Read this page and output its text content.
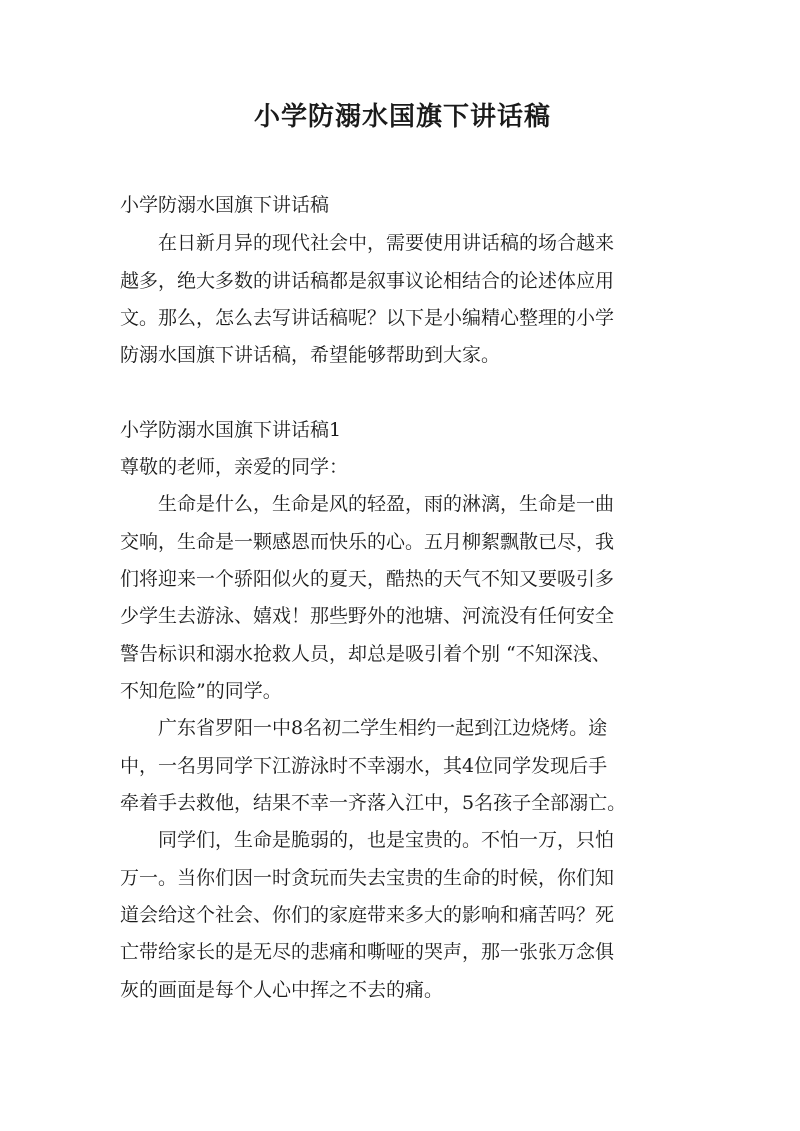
小学防溺水国旗下讲话稿

小学防溺水国旗下讲话稿

在日新月异的现代社会中，需要使用讲话稿的场合越来

越多，绝大多数的讲话稿都是叙事议论相结合的论述体应用

文。那么，怎么去写讲话稿呢？以下是小编精心整理的小学

防溺水国旗下讲话稿，希望能够帮助到大家。

小学防溺水国旗下讲话稿1

尊敬的老师，亲爱的同学：

生命是什么，生命是风的轻盈，雨的淋漓，生命是一曲

交响，生命是一颗感恩而快乐的心。五月柳絮飘散已尽，我

们将迎来一个骄阳似火的夏天，酷热的天气不知又要吸引多

少学生去游泳、嬉戏！那些野外的池塘、河流没有任何安全

警告标识和溺水抢救人员，却总是吸引着个别 “不知深浅、

不知危险”的同学。

广东省罗阳一中8名初二学生相约一起到江边烧烤。途

中，一名男同学下江游泳时不幸溺水，其4位同学发现后手

牵着手去救他，结果不幸一齐落入江中，5名孩子全部溺亡。

同学们，生命是脆弱的，也是宝贵的。不怕一万，只怕

万一。当你们因一时贪玩而失去宝贵的生命的时候，你们知

道会给这个社会、你们的家庭带来多大的影响和痛苦吗？死

亡带给家长的是无尽的悲痛和嘶哑的哭声，那一张张万念俱

灰的画面是每个人心中挥之不去的痛。
